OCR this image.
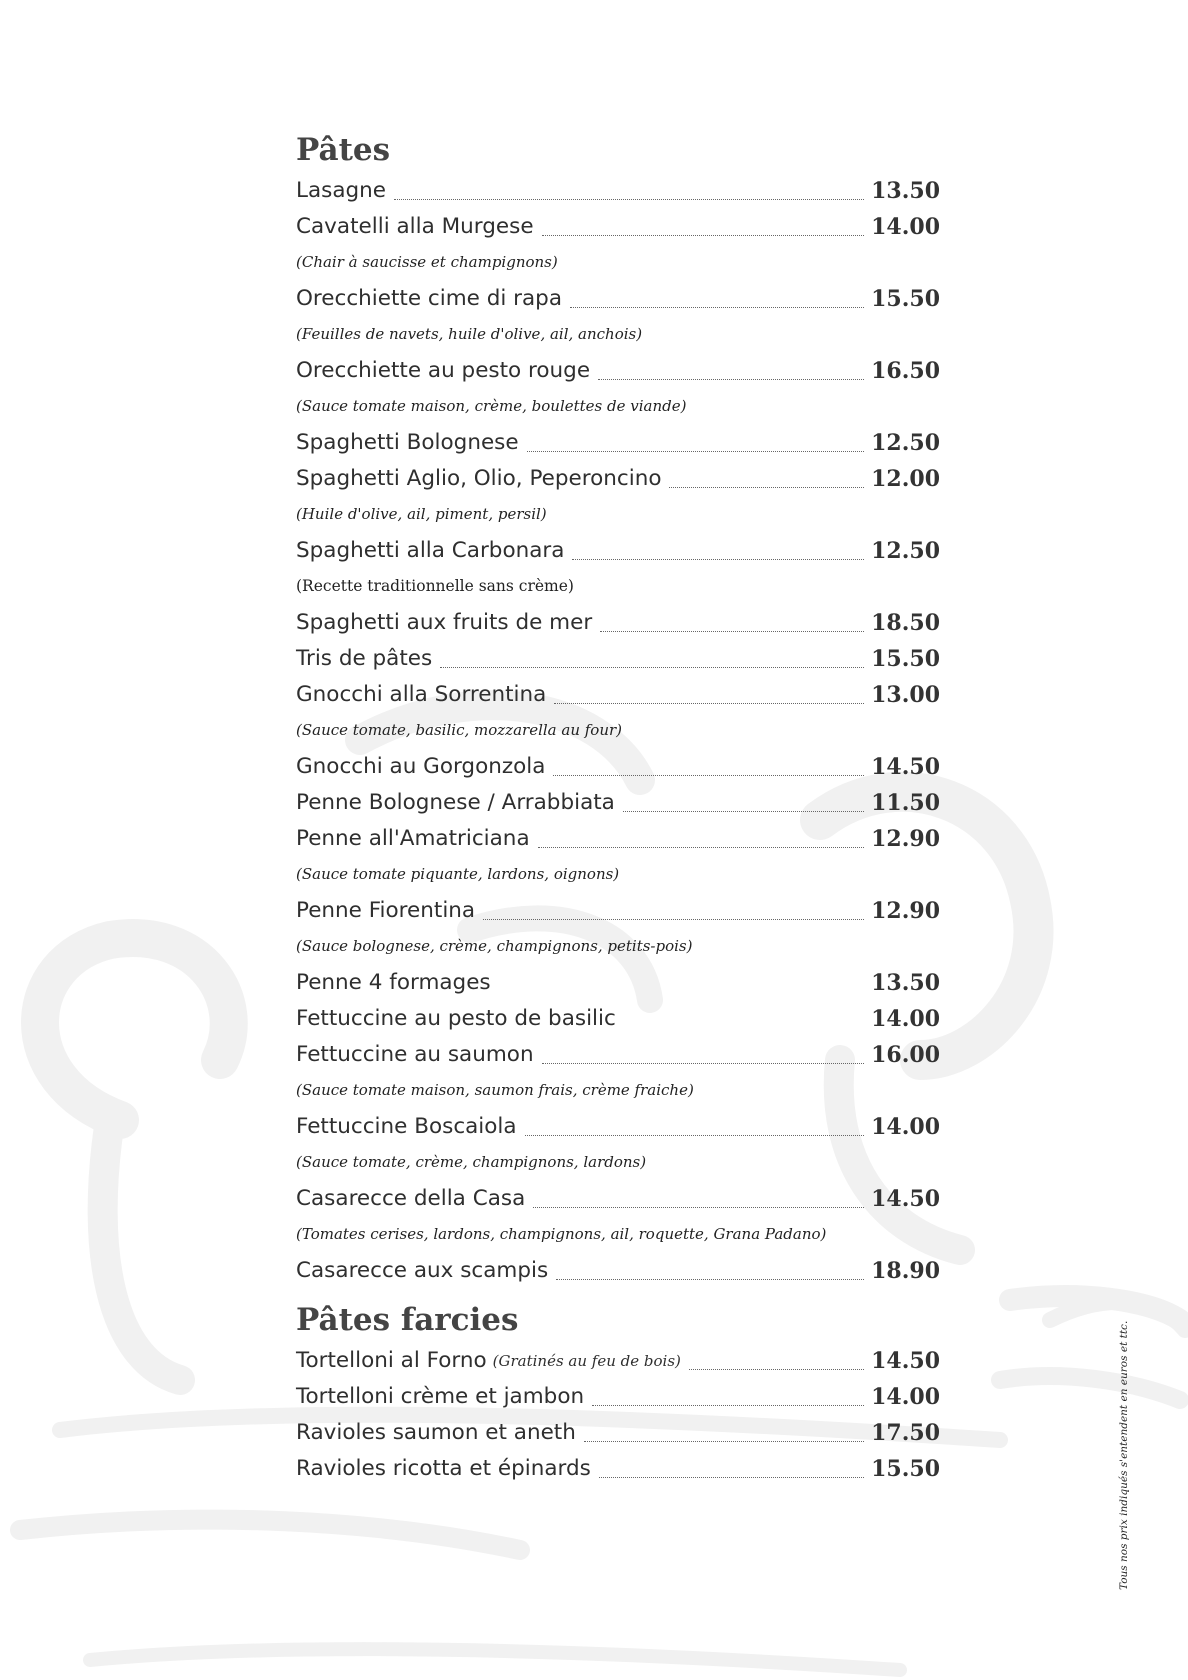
Pâtes
Lasagne	13.50
Cavatelli alla Murgese	14.00
(Chair à saucisse et champignons)
Orecchiette cime di rapa	15.50
(Feuilles de navets, huile d'olive, ail, anchois)
Orecchiette au pesto rouge	16.50
(Sauce tomate maison, crème, boulettes de viande)
Spaghetti Bolognese	12.50
Spaghetti Aglio, Olio, Peperoncino	12.00
(Huile d'olive, ail, piment, persil)
Spaghetti alla Carbonara	12.50
(Recette traditionnelle sans crème)
Spaghetti aux fruits de mer	18.50
Tris de pâtes	15.50
Gnocchi alla Sorrentina	13.00
(Sauce tomate, basilic, mozzarella au four)
Gnocchi au Gorgonzola	14.50
Penne Bolognese / Arrabbiata	11.50
Penne all'Amatriciana	12.90
(Sauce tomate piquante, lardons, oignons)
Penne Fiorentina	12.90
(Sauce bolognese, crème, champignons, petits-pois)
Penne 4 formages	13.50
Fettuccine au pesto de basilic	14.00
Fettuccine au saumon	16.00
(Sauce tomate maison, saumon frais, crème fraiche)
Fettuccine Boscaiola	14.00
(Sauce tomate, crème, champignons, lardons)
Casarecce della Casa	14.50
(Tomates cerises, lardons, champignons, ail, roquette, Grana Padano)
Casarecce aux scampis	18.90
Pâtes farcies
Tortelloni al Forno (Gratinés au feu de bois)	14.50
Tortelloni crème et jambon	14.00
Ravioles saumon et aneth	17.50
Ravioles ricotta et épinards	15.50	Tous nos prix indiqués s'entendent en euros et ttc.
